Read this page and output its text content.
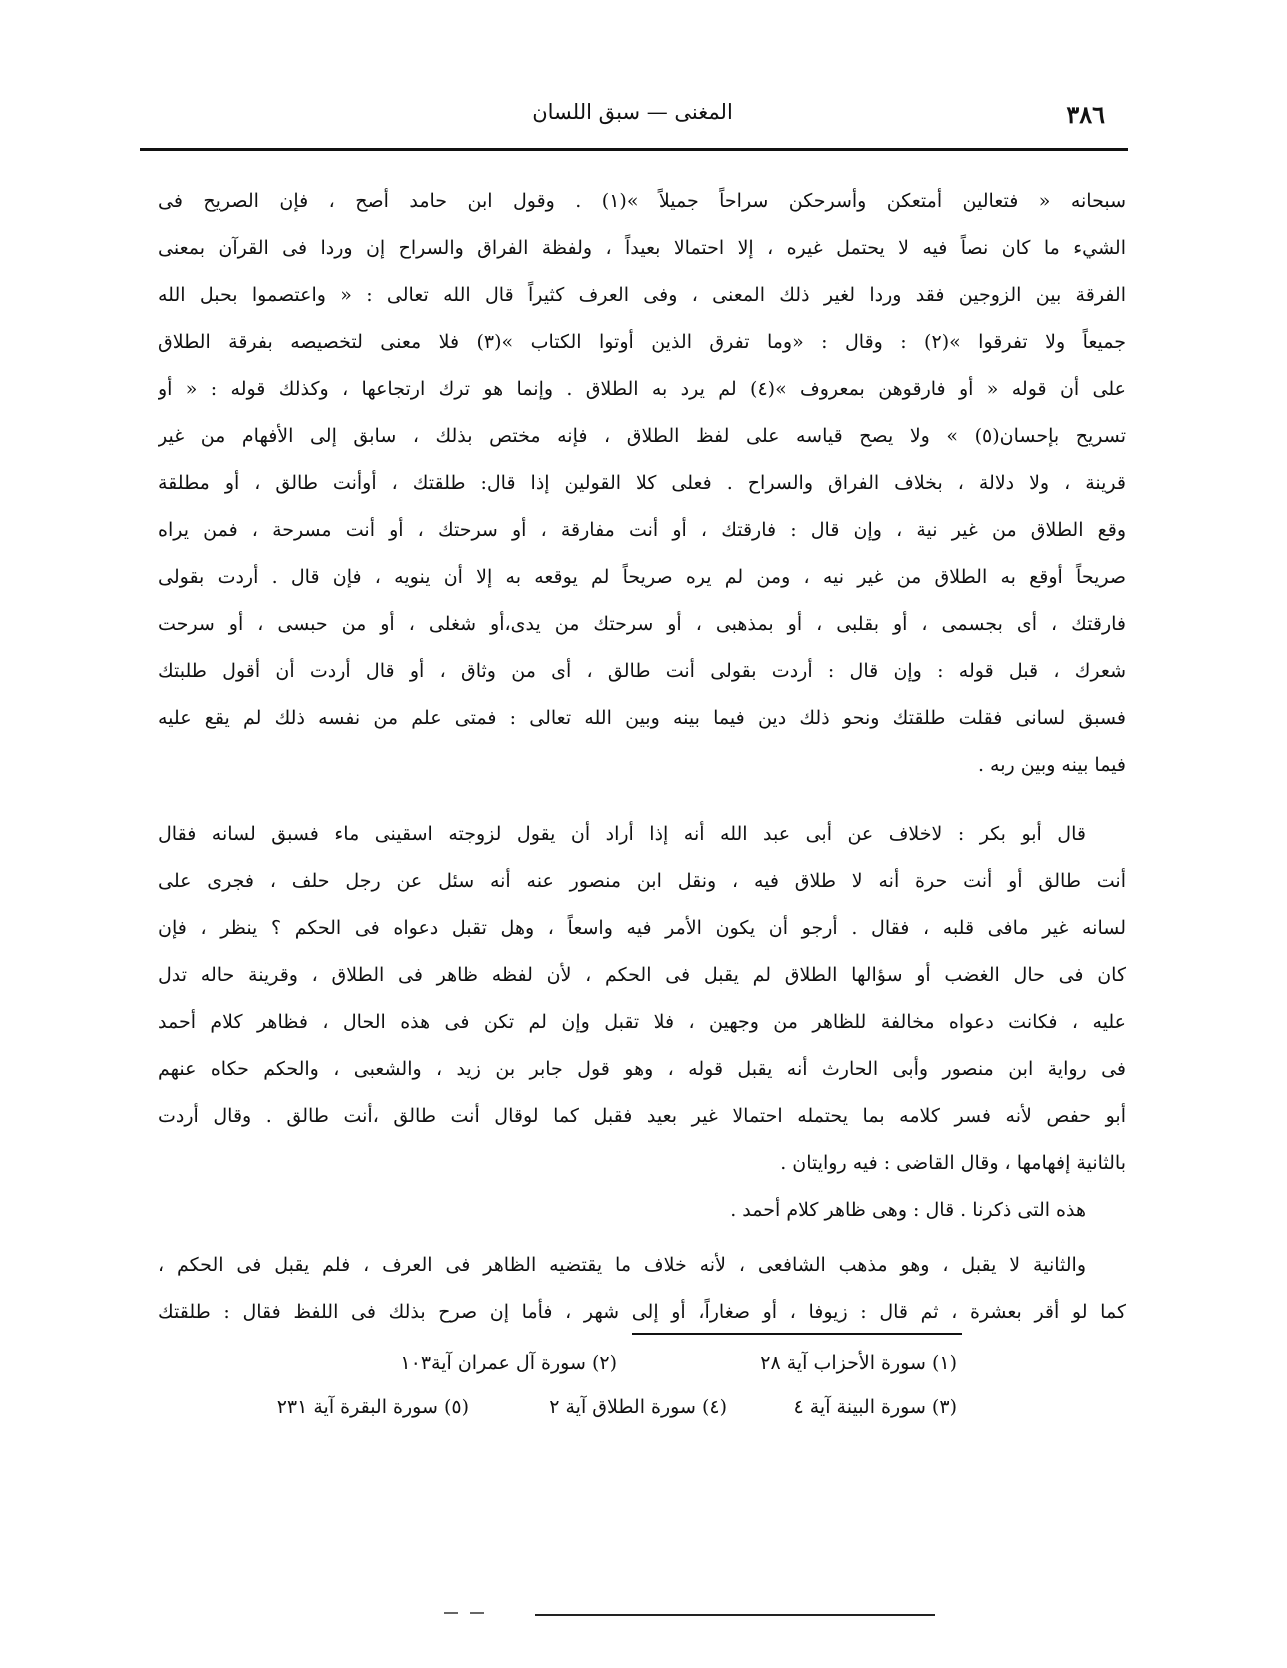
٣٨٦
المغنى — سبق اللسان
سبحانه « فتعالين أمتعكن وأسرحكن سراحاً جميلاً »(١) . وقول ابن حامد أصح ، فإن الصريح فى
الشيء ما كان نصاً فيه لا يحتمل غيره ، إلا احتمالا بعيداً ، ولفظة الفراق والسراح إن وردا فى القرآن بمعنى
الفرقة بين الزوجين فقد وردا لغير ذلك المعنى ، وفى العرف كثيراً قال الله تعالى : « واعتصموا بحبل الله
جميعاً ولا تفرقوا »(٢) : وقال : «وما تفرق الذين أوتوا الكتاب »(٣) فلا معنى لتخصيصه بفرقة الطلاق
على أن قوله « أو فارقوهن بمعروف »(٤) لم يرد به الطلاق . وإنما هو ترك ارتجاعها ، وكذلك قوله : « أو
تسريح بإحسان(٥) » ولا يصح قياسه على لفظ الطلاق ، فإنه مختص بذلك ، سابق إلى الأفهام من غير
قرينة ، ولا دلالة ، بخلاف الفراق والسراح . فعلى كلا القولين إذا قال: طلقتك ، أوأنت طالق ، أو مطلقة
وقع الطلاق من غير نية ، وإن قال : فارقتك ، أو أنت مفارقة ، أو سرحتك ، أو أنت مسرحة ، فمن يراه
صريحاً أوقع به الطلاق من غير نيه ، ومن لم يره صريحاً لم يوقعه به إلا أن ينويه ، فإن قال . أردت بقولى
فارقتك ، أى بجسمى ، أو بقلبى ، أو بمذهبى ، أو سرحتك من يدى،أو شغلى ، أو من حبسى ، أو سرحت
شعرك ، قبل قوله : وإن قال : أردت بقولى أنت طالق ، أى من وثاق ، أو قال أردت أن أقول طلبتك
فسبق لسانى فقلت طلقتك ونحو ذلك دين فيما بينه وبين الله تعالى : فمتى علم من نفسه ذلك لم يقع عليه
فيما بينه وبين ربه .
قال أبو بكر : لاخلاف عن أبى عبد الله أنه إذا أراد أن يقول لزوجته اسقينى ماء فسبق لسانه فقال
أنت طالق أو أنت حرة أنه لا طلاق فيه ، ونقل ابن منصور عنه أنه سئل عن رجل حلف ، فجرى على
لسانه غير مافى قلبه ، فقال . أرجو أن يكون الأمر فيه واسعاً ، وهل تقبل دعواه فى الحكم ؟ ينظر ، فإن
كان فى حال الغضب أو سؤالها الطلاق لم يقبل فى الحكم ، لأن لفظه ظاهر فى الطلاق ، وقرينة حاله تدل
عليه ، فكانت دعواه مخالفة للظاهر من وجهين ، فلا تقبل وإن لم تكن فى هذه الحال ، فظاهر كلام أحمد
فى رواية ابن منصور وأبى الحارث أنه يقبل قوله ، وهو قول جابر بن زيد ، والشعبى ، والحكم حكاه عنهم
أبو حفص لأنه فسر كلامه بما يحتمله احتمالا غير بعيد فقبل كما لوقال أنت طالق ،أنت طالق . وقال أردت
بالثانية إفهامها ، وقال القاضى : فيه روايتان .
هذه التى ذكرنا . قال : وهى ظاهر كلام أحمد .
والثانية لا يقبل ، وهو مذهب الشافعى ، لأنه خلاف ما يقتضيه الظاهر فى العرف ، فلم يقبل فى الحكم ،
كما لو أقر بعشرة ، ثم قال : زيوفا ، أو صغاراً، أو إلى شهر ، فأما إن صرح بذلك فى اللفظ فقال : طلقتك
(١) سورة الأحزاب آية ٢٨
(٢) سورة آل عمران آية١٠٣
(٣) سورة البينة آية ٤
(٤) سورة الطلاق آية ٢
(٥) سورة البقرة آية ٢٣١
